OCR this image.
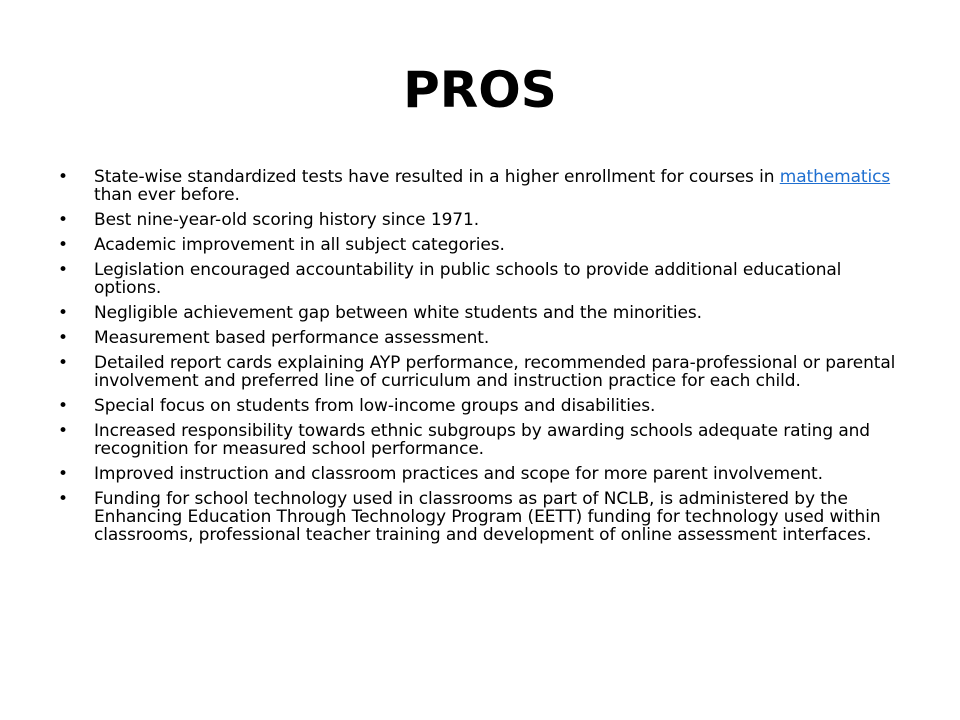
PROS
•	State-wise standardized tests have resulted in a higher enrollment for courses in mathematics than ever before.
•	Best nine-year-old scoring history since 1971.
•	Academic improvement in all subject categories.
•	Legislation encouraged accountability in public schools to provide additional educational options.
•	Negligible achievement gap between white students and the minorities.
•	Measurement based performance assessment.
•	Detailed report cards explaining AYP performance, recommended para-professional or parental involvement and preferred line of curriculum and instruction practice for each child.
•	Special focus on students from low-income groups and disabilities.
•	Increased responsibility towards ethnic subgroups by awarding schools adequate rating and recognition for measured school performance.
•	Improved instruction and classroom practices and scope for more parent involvement.
•	Funding for school technology used in classrooms as part of NCLB, is administered by the Enhancing Education Through Technology Program (EETT) funding for technology used within classrooms, professional teacher training and development of online assessment interfaces.
